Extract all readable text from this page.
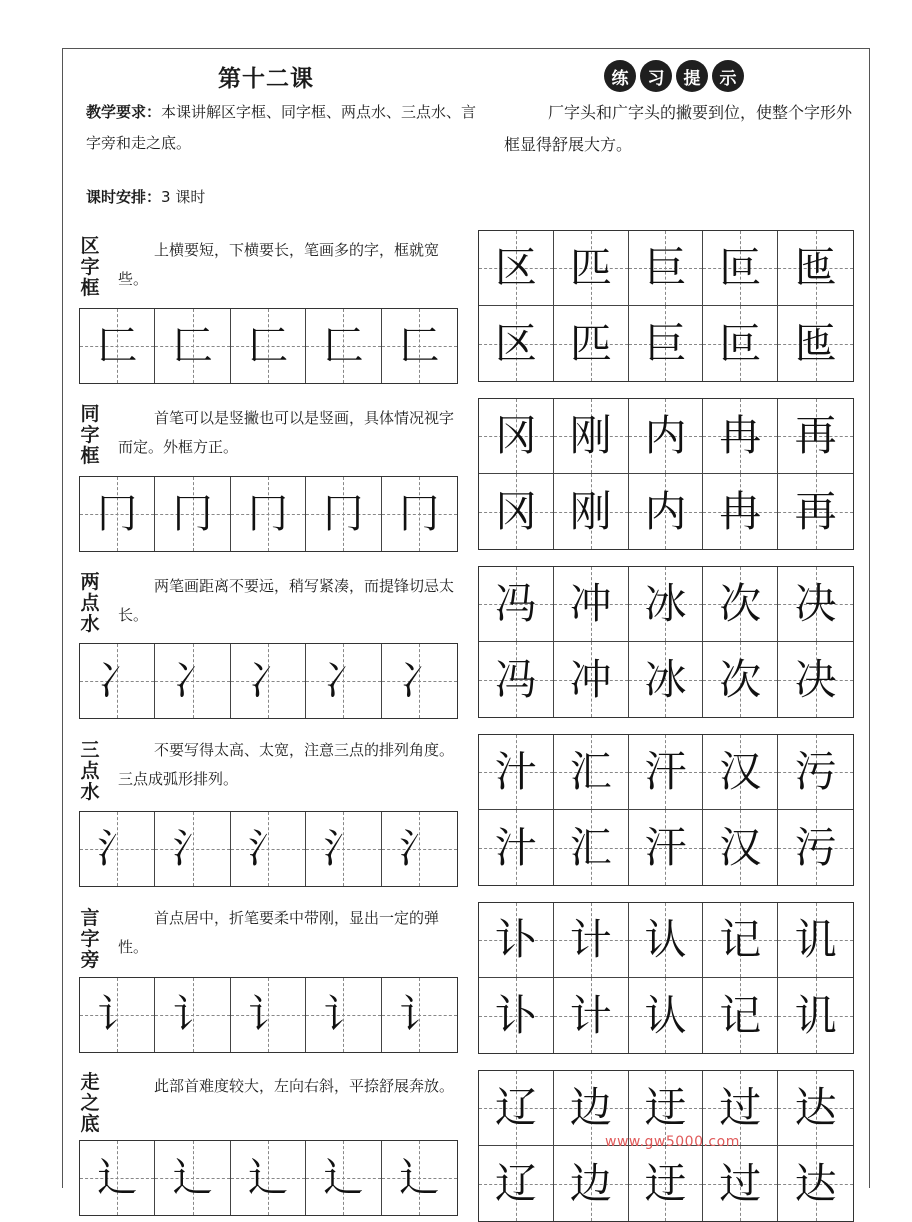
第十二课
教学要求：本课讲解区字框、同字框、两点水、三点水、言字旁和走之底。
课时安排：3 课时
练	习	提	示
厂字头和广字头的撇要到位，使整个字形外框显得舒展大方。
区字框
上横要短，下横要长，笔画多的字，框就宽些。
匚 匚 匚 匚 匚
区 匹 巨 叵 匜
区 匹 巨 叵 匜
同字框
首笔可以是竖撇也可以是竖画，具体情况视字而定。外框方正。
冂 冂 冂 冂 冂
冈 刚 内 冉 再
冈 刚 内 冉 再
两点水
两笔画距离不要远，稍写紧凑，而提锋切忌太长。
冫 冫 冫 冫 冫
冯 冲 冰 次 决
冯 冲 冰 次 决
三点水
不要写得太高、太宽，注意三点的排列角度。三点成弧形排列。
氵 氵 氵 氵 氵
汁 汇 汗 汉 污
汁 汇 汗 汉 污
言字旁
首点居中，折笔要柔中带刚，显出一定的弹性。
讠 讠 讠 讠 讠
讣 计 认 记 讥
讣 计 认 记 讥
走之底
此部首难度较大，左向右斜，平捺舒展奔放。
辶 辶 辶 辶 辶
辽 边 迂 过 达
辽 边 迂 过 达
www.gw5000.com
